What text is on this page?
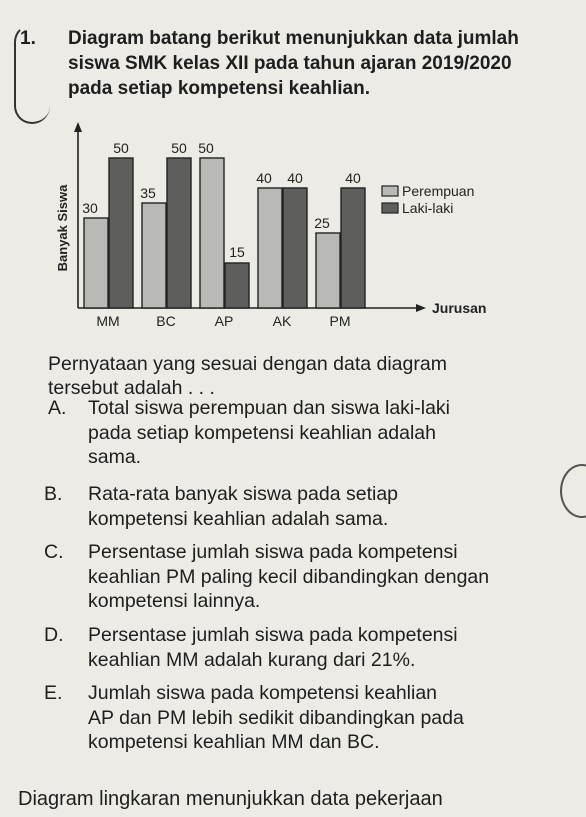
1. Diagram batang berikut menunjukkan data jumlah
siswa SMK kelas XII pada tahun ajaran 2019/2020
pada setiap kompetensi keahlian.
Banyak Siswa
Jurusan
30
50
MM
35
50
BC
50
15
AP
40 40
AK
25
40
PM
Perempuan
Laki-laki
Pernyataan yang sesuai dengan data diagram
tersebut adalah . . .
A. Total siswa perempuan dan siswa laki-laki
pada setiap kompetensi keahlian adalah
sama.
B. Rata-rata banyak siswa pada setiap
kompetensi keahlian adalah sama.
C. Persentase jumlah siswa pada kompetensi
keahlian PM paling kecil dibandingkan dengan
kompetensi lainnya.
D. Persentase jumlah siswa pada kompetensi
keahlian MM adalah kurang dari 21%.
E. Jumlah siswa pada kompetensi keahlian
AP dan PM lebih sedikit dibandingkan pada
kompetensi keahlian MM dan BC.
Diagram lingkaran menunjukkan data pekerjaan
